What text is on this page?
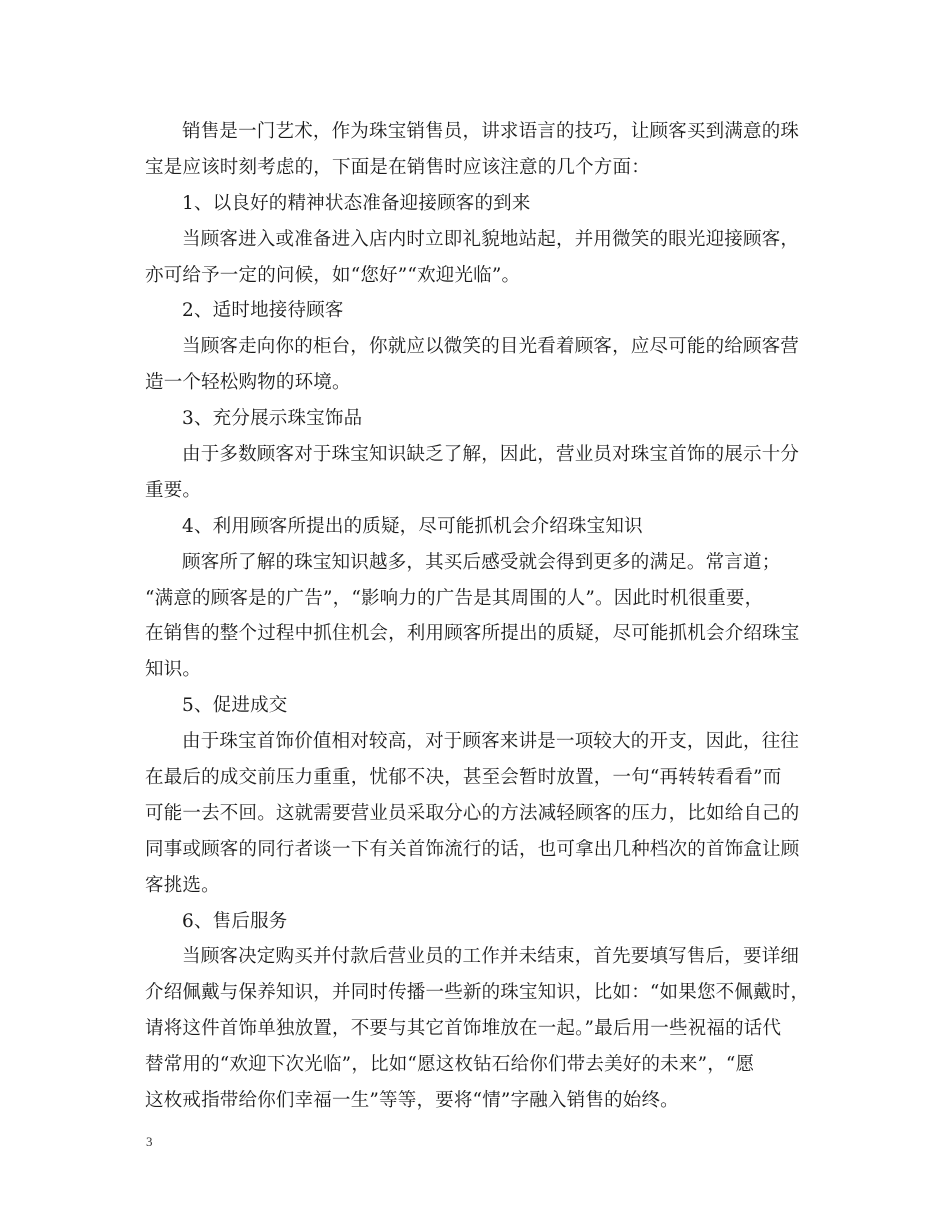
销售是一门艺术，作为珠宝销售员，讲求语言的技巧，让顾客买到满意的珠
宝是应该时刻考虑的，下面是在销售时应该注意的几个方面：
1、以良好的精神状态准备迎接顾客的到来
当顾客进入或准备进入店内时立即礼貌地站起，并用微笑的眼光迎接顾客，
亦可给予一定的问候，如“您好”“欢迎光临”。
2、适时地接待顾客
当顾客走向你的柜台，你就应以微笑的目光看着顾客，应尽可能的给顾客营
造一个轻松购物的环境。
3、充分展示珠宝饰品
由于多数顾客对于珠宝知识缺乏了解，因此，营业员对珠宝首饰的展示十分
重要。
4、利用顾客所提出的质疑，尽可能抓机会介绍珠宝知识
顾客所了解的珠宝知识越多，其买后感受就会得到更多的满足。常言道；
“满意的顾客是的广告”，“影响力的广告是其周围的人”。因此时机很重要，
在销售的整个过程中抓住机会，利用顾客所提出的质疑，尽可能抓机会介绍珠宝
知识。
5、促进成交
由于珠宝首饰价值相对较高，对于顾客来讲是一项较大的开支，因此，往往
在最后的成交前压力重重，忧郁不决，甚至会暂时放置，一句“再转转看看”而
可能一去不回。这就需要营业员采取分心的方法减轻顾客的压力，比如给自己的
同事或顾客的同行者谈一下有关首饰流行的话，也可拿出几种档次的首饰盒让顾
客挑选。
6、售后服务
当顾客决定购买并付款后营业员的工作并未结束，首先要填写售后，要详细
介绍佩戴与保养知识，并同时传播一些新的珠宝知识，比如：“如果您不佩戴时，
请将这件首饰单独放置，不要与其它首饰堆放在一起。”最后用一些祝福的话代
替常用的“欢迎下次光临”，比如“愿这枚钻石给你们带去美好的未来”，“愿
这枚戒指带给你们幸福一生”等等，要将“情”字融入销售的始终。
3
